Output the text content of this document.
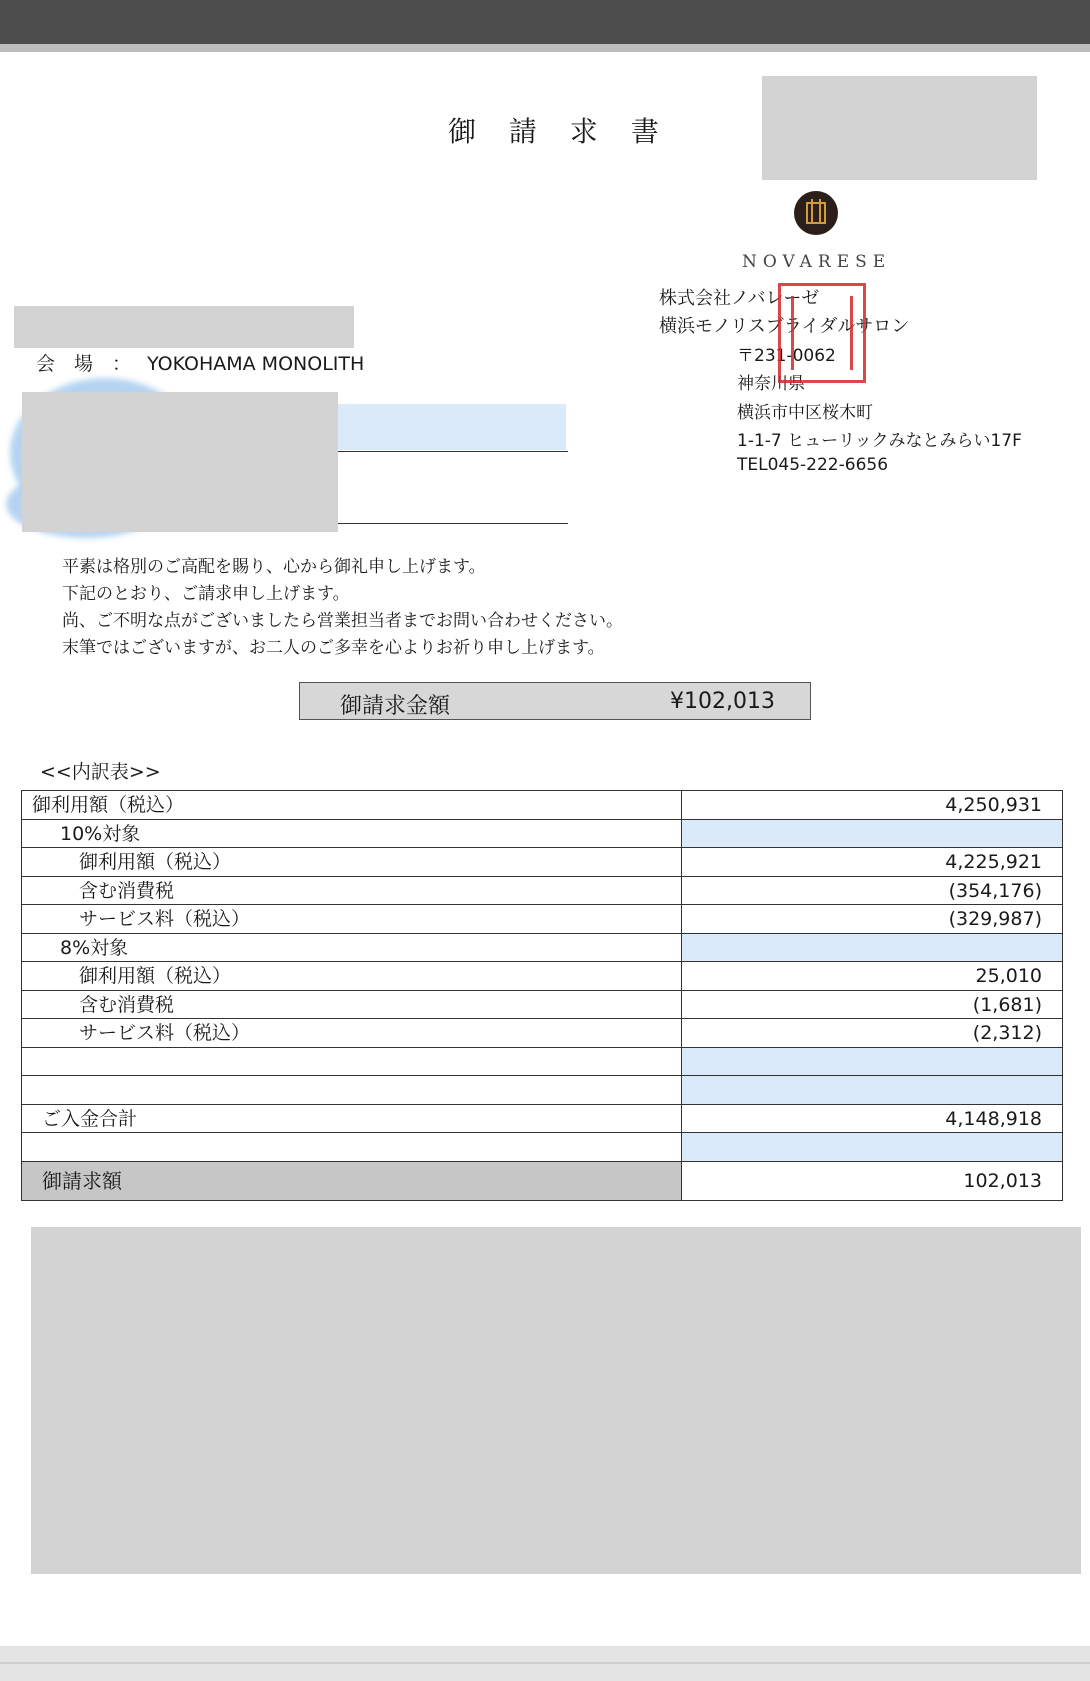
御 請 求 書
NOVARESE
株式会社ノバレーゼ
横浜モノリスブライダルサロン
〒231-0062
神奈川県
横浜市中区桜木町
1-1-7 ヒューリックみなとみらい17F
TEL045-222-6656
会　場　： YOKOHAMA MONOLITH
平素は格別のご高配を賜り、心から御礼申し上げます。
下記のとおり、ご請求申し上げます。
尚、ご不明な点がございましたら営業担当者までお問い合わせください。
末筆ではございますが、お二人のご多幸を心よりお祈り申し上げます。
御請求金額	¥102,013
<<内訳表>>
御利用額（税込）	4,250,931
10%対象
御利用額（税込）	4,225,921
含む消費税	(354,176)
サービス料（税込）	(329,987)
8%対象
御利用額（税込）	25,010
含む消費税	(1,681)
サービス料（税込）	(2,312)
ご入金合計	4,148,918
御請求額	102,013
